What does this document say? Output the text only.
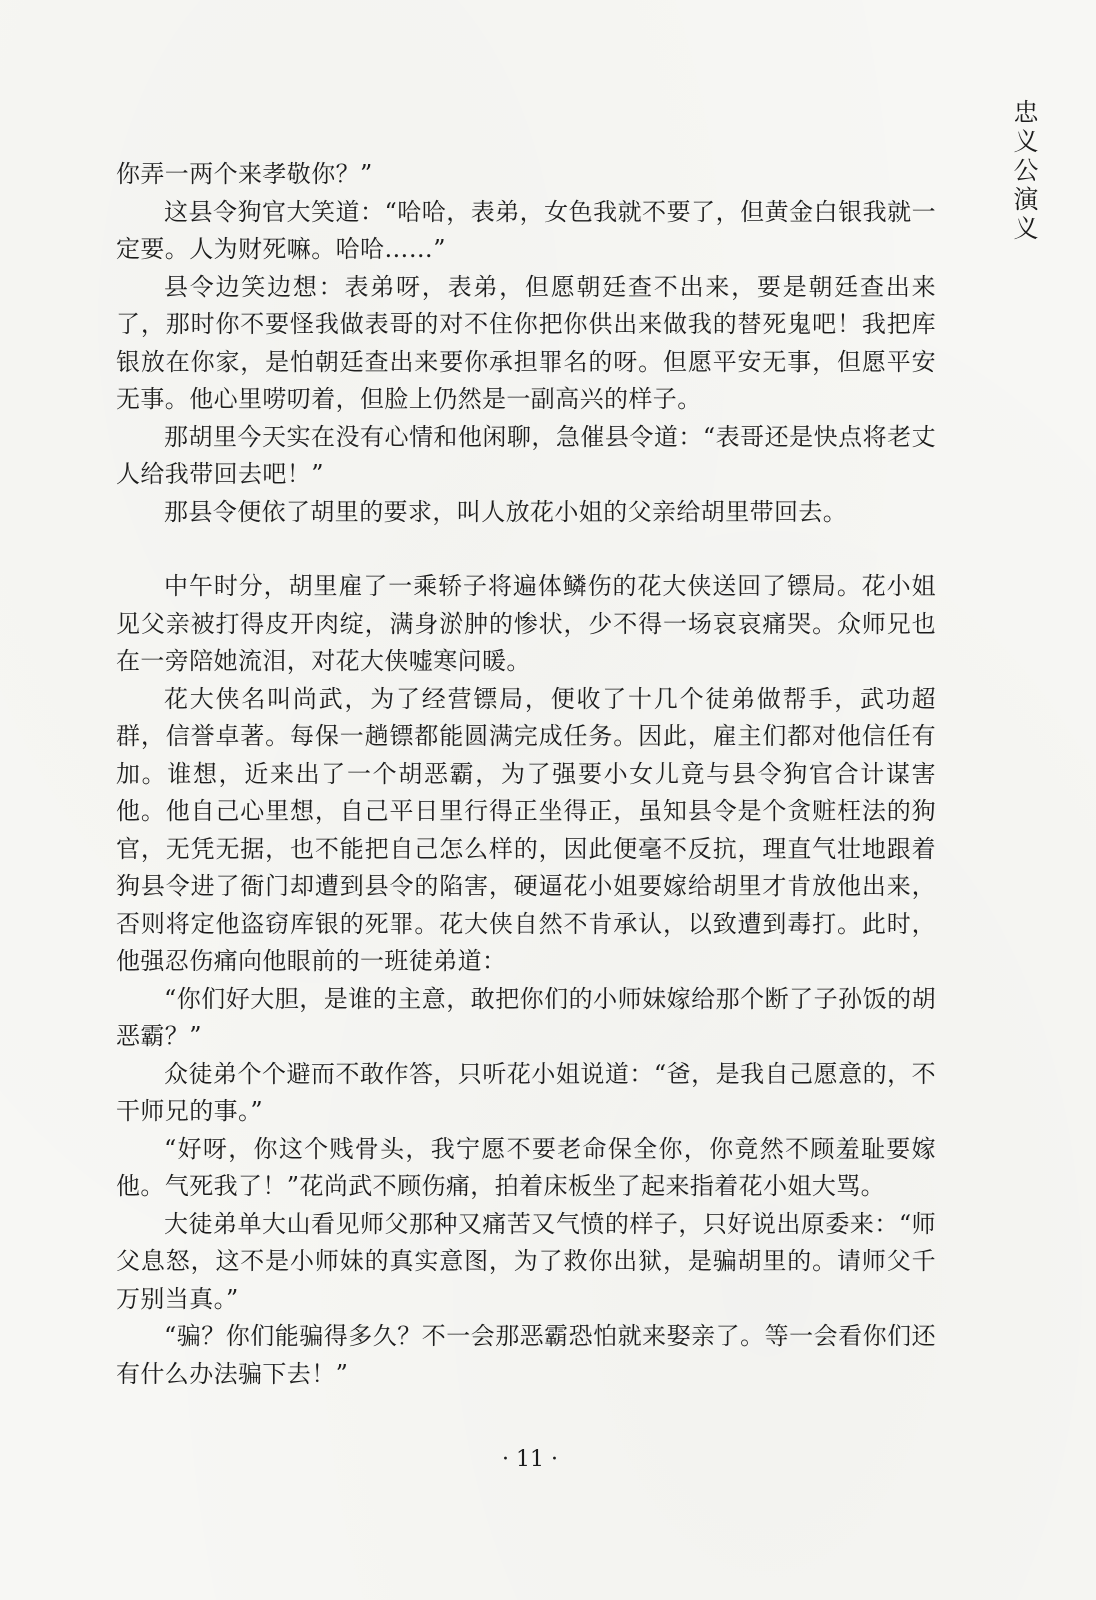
忠
义
公
演
义

你弄一两个来孝敬你？”

这县令狗官大笑道：“哈哈，表弟，女色我就不要了，但黄金白银我就一定要。人为财死嘛。哈哈……”

县令边笑边想：表弟呀，表弟，但愿朝廷查不出来，要是朝廷查出来了，那时你不要怪我做表哥的对不住你把你供出来做我的替死鬼吧！我把库银放在你家，是怕朝廷查出来要你承担罪名的呀。但愿平安无事，但愿平安无事。他心里唠叨着，但脸上仍然是一副高兴的样子。

那胡里今天实在没有心情和他闲聊，急催县令道：“表哥还是快点将老丈人给我带回去吧！”

那县令便依了胡里的要求，叫人放花小姐的父亲给胡里带回去。

中午时分，胡里雇了一乘轿子将遍体鳞伤的花大侠送回了镖局。花小姐见父亲被打得皮开肉绽，满身淤肿的惨状，少不得一场哀哀痛哭。众师兄也在一旁陪她流泪，对花大侠嘘寒问暖。

花大侠名叫尚武，为了经营镖局，便收了十几个徒弟做帮手，武功超群，信誉卓著。每保一趟镖都能圆满完成任务。因此，雇主们都对他信任有加。谁想，近来出了一个胡恶霸，为了强要小女儿竟与县令狗官合计谋害他。他自己心里想，自己平日里行得正坐得正，虽知县令是个贪赃枉法的狗官，无凭无据，也不能把自己怎么样的，因此便毫不反抗，理直气壮地跟着狗县令进了衙门却遭到县令的陷害，硬逼花小姐要嫁给胡里才肯放他出来，否则将定他盗窃库银的死罪。花大侠自然不肯承认，以致遭到毒打。此时，他强忍伤痛向他眼前的一班徒弟道：

“你们好大胆，是谁的主意，敢把你们的小师妹嫁给那个断了子孙饭的胡恶霸？”

众徒弟个个避而不敢作答，只听花小姐说道：“爸，是我自己愿意的，不干师兄的事。”

“好呀，你这个贱骨头，我宁愿不要老命保全你，你竟然不顾羞耻要嫁他。气死我了！”花尚武不顾伤痛，拍着床板坐了起来指着花小姐大骂。

大徒弟单大山看见师父那种又痛苦又气愤的样子，只好说出原委来：“师父息怒，这不是小师妹的真实意图，为了救你出狱，是骗胡里的。请师父千万别当真。”

“骗？你们能骗得多久？不一会那恶霸恐怕就来娶亲了。等一会看你们还有什么办法骗下去！”

· 11 ·
